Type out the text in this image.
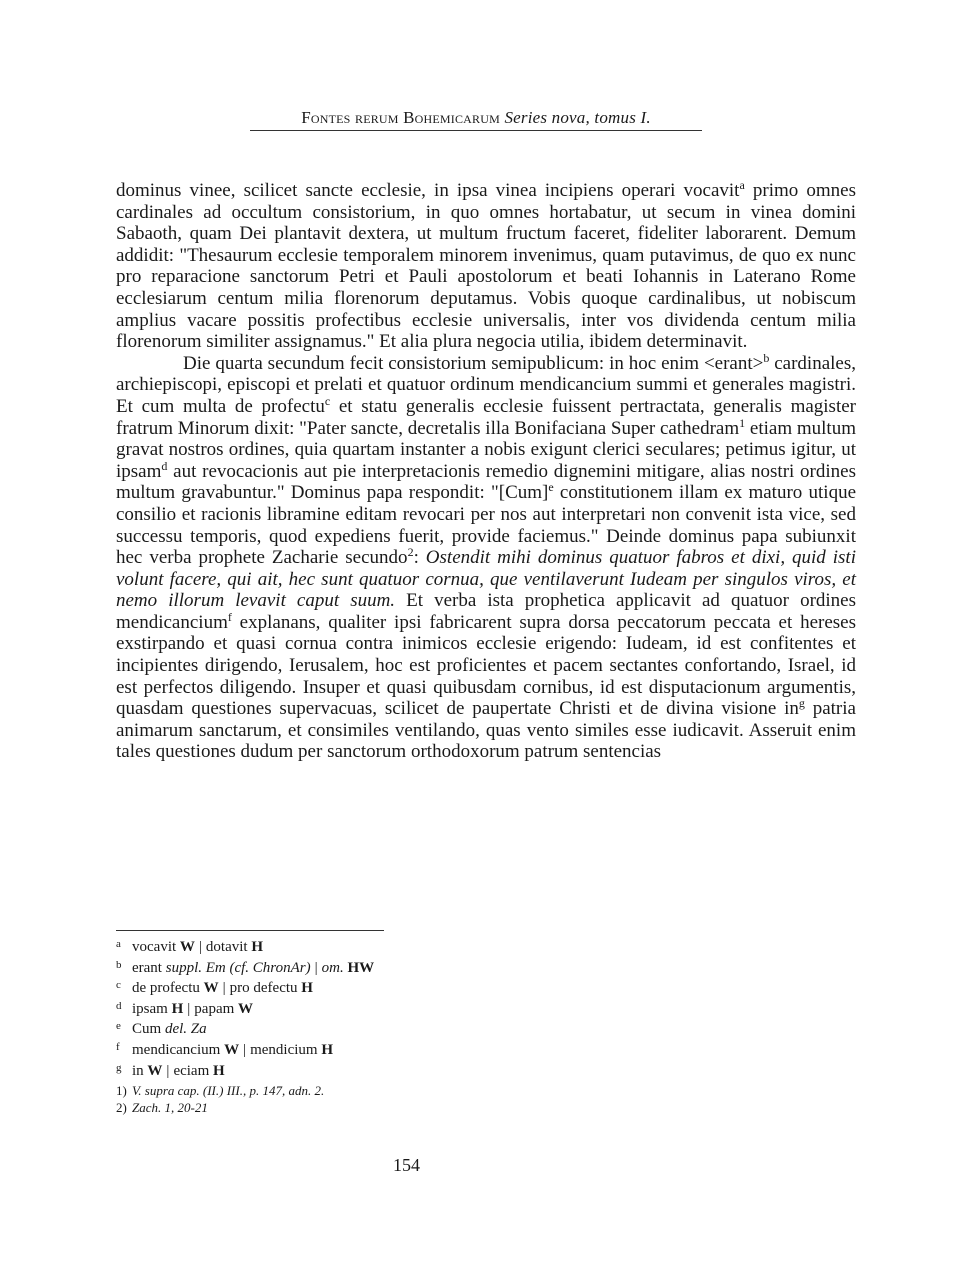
Fontes rerum Bohemicarum Series nova, tomus I.

dominus vinee, scilicet sancte ecclesie, in ipsa vinea incipiens operari vocavit$^a$ primo omnes cardinales ad occultum consistorium, in quo omnes hortabatur, ut secum in vinea domini Sabaoth, quam Dei plantavit dextera, ut multum fructum faceret, fideliter laborarent. Demum addidit: "Thesaurum ecclesie temporalem minorem invenimus, quam putavimus, de quo ex nunc pro reparacione sanctorum Petri et Pauli apostolorum et beati Iohannis in Laterano Rome ecclesiarum centum milia florenorum deputamus. Vobis quoque cardinalibus, ut nobiscum amplius vacare possitis profectibus ecclesie universalis, inter vos dividenda centum milia florenorum similiter assignamus." Et alia plura negocia utilia, ibidem determinavit.

Die quarta secundum fecit consistorium semipublicum: in hoc enim <erant>$^b$ cardinales, archiepiscopi, episcopi et prelati et quatuor ordinum mendicancium summi et generales magistri. Et cum multa de profectu$^c$ et statu generalis ecclesie fuissent pertractata, generalis magister fratrum Minorum dixit: "Pater sancte, decretalis illa Bonifaciana Super cathedram$^1$ etiam multum gravat nostros ordines, quia quartam instanter a nobis exigunt clerici seculares; petimus igitur, ut ipsam$^d$ aut revocacionis aut pie interpretacionis remedio dignemini mitigare, alias nostri ordines multum gravabuntur." Dominus papa respondit: "[Cum]$^e$ constitutionem illam ex maturo utique consilio et racionis libramine editam revocari per nos aut interpretari non convenit ista vice, sed successu temporis, quod expediens fuerit, provide faciemus." Deinde dominus papa subiunxit hec verba prophete Zacharie secundo$^2$: Ostendit mihi dominus quatuor fabros et dixi, quid isti volunt facere, qui ait, hec sunt quatuor cornua, que ventilaverunt Iudeam per singulos viros, et nemo illorum levavit caput suum. Et verba ista prophetica applicavit ad quatuor ordines mendicancium$^f$ explanans, qualiter ipsi fabricarent supra dorsa peccatorum peccata et hereses exstirpando et quasi cornua contra inimicos ecclesie erigendo: Iudeam, id est confitentes et incipientes dirigendo, Ierusalem, hoc est proficientes et pacem sectantes confortando, Israel, id est perfectos diligendo. Insuper et quasi quibusdam cornibus, id est disputacionum argumentis, quasdam questiones supervacuas, scilicet de paupertate Christi et de divina visione $in^g$ patria animarum sanctarum, et consimiles ventilando, quas vento similes esse iudicavit. Asseruit enim tales questiones dudum per sanctorum orthodoxorum patrum sentencias

a vocavit W | dotavit H
b erant suppl. Em (cf. ChronAr) | om. HW
c de profectu W | pro defectu H
d ipsam H | papam W
e Cum del. Za
f mendicancium W | mendicium H
g in W | eciam H
1) V. supra cap. (II.) III., p. 147, adn. 2.
2) Zach. 1, 20-21
154
